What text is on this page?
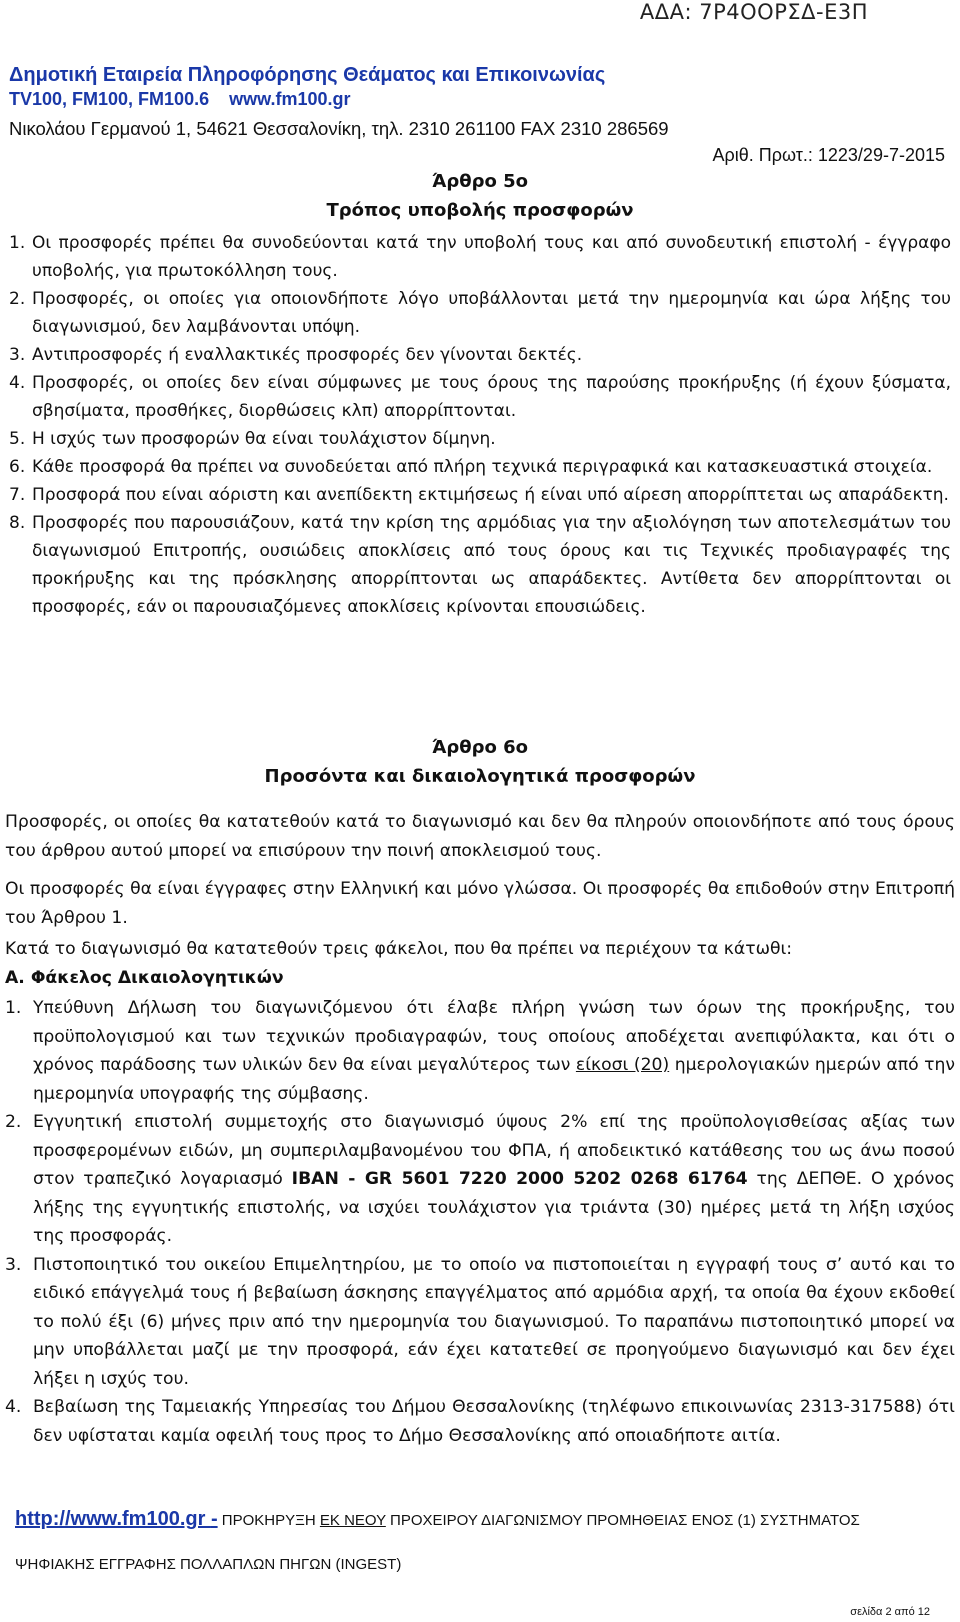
ΑΔΑ: 7Ρ4ΟΟΡΣΔ-Ε3Π
Δημοτική Εταιρεία Πληροφόρησης Θεάματος και Επικοινωνίας
TV100, FM100, FM100.6 www.fm100.gr
Νικολάου Γερμανού 1, 54621 Θεσσαλονίκη, τηλ. 2310 261100 FAX 2310 286569
Αριθ. Πρωτ.: 1223/29-7-2015
Άρθρο 5ο
Τρόπος υποβολής προσφορών
1. Οι προσφορές πρέπει θα συνοδεύονται κατά την υποβολή τους και από συνοδευτική επιστολή - έγγραφο υποβολής, για πρωτοκόλληση τους.
2. Προσφορές, οι οποίες για οποιονδήποτε λόγο υποβάλλονται μετά την ημερομηνία και ώρα λήξης του διαγωνισμού, δεν λαμβάνονται υπόψη.
3. Αντιπροσφορές ή εναλλακτικές προσφορές δεν γίνονται δεκτές.
4. Προσφορές, οι οποίες δεν είναι σύμφωνες με τους όρους της παρούσης προκήρυξης (ή έχουν ξύσματα, σβησίματα, προσθήκες, διορθώσεις κλπ) απορρίπτονται.
5. Η ισχύς των προσφορών θα είναι τουλάχιστον δίμηνη.
6. Κάθε προσφορά θα πρέπει να συνοδεύεται από πλήρη τεχνικά περιγραφικά και κατασκευαστικά στοιχεία.
7. Προσφορά που είναι αόριστη και ανεπίδεκτη εκτιμήσεως ή είναι υπό αίρεση απορρίπτεται ως απαράδεκτη.
8. Προσφορές που παρουσιάζουν, κατά την κρίση της αρμόδιας για την αξιολόγηση των αποτελεσμάτων του διαγωνισμού Επιτροπής, ουσιώδεις αποκλίσεις από τους όρους και τις Τεχνικές προδιαγραφές της προκήρυξης και της πρόσκλησης απορρίπτονται ως απαράδεκτες. Αντίθετα δεν απορρίπτονται οι προσφορές, εάν οι παρουσιαζόμενες αποκλίσεις κρίνονται επουσιώδεις.
Άρθρο 6ο
Προσόντα και δικαιολογητικά προσφορών

Προσφορές, οι οποίες θα κατατεθούν κατά το διαγωνισμό και δεν θα πληρούν οποιονδήποτε από τους όρους του άρθρου αυτού μπορεί να επισύρουν την ποινή αποκλεισμού τους.

Οι προσφορές θα είναι έγγραφες στην Ελληνική και μόνο γλώσσα. Οι προσφορές θα επιδοθούν στην Επιτροπή του Άρθρου 1.

Κατά το διαγωνισμό θα κατατεθούν τρεις φάκελοι, που θα πρέπει να περιέχουν τα κάτωθι:

Α. Φάκελος Δικαιολογητικών
1. Υπεύθυνη Δήλωση του διαγωνιζόμενου ότι έλαβε πλήρη γνώση των όρων της προκήρυξης, του προϋπολογισμού και των τεχνικών προδιαγραφών, τους οποίους αποδέχεται ανεπιφύλακτα, και ότι ο χρόνος παράδοσης των υλικών δεν θα είναι μεγαλύτερος των είκοσι (20) ημερολογιακών ημερών από την ημερομηνία υπογραφής της σύμβασης.
2. Εγγυητική επιστολή συμμετοχής στο διαγωνισμό ύψους 2% επί της προϋπολογισθείσας αξίας των προσφερομένων ειδών, μη συμπεριλαμβανομένου του ΦΠΑ, ή αποδεικτικό κατάθεσης του ως άνω ποσού στον τραπεζικό λογαριασμό IBAN - GR 5601 7220 2000 5202 0268 61764 της ΔΕΠΘΕ. Ο χρόνος λήξης της εγγυητικής επιστολής, να ισχύει τουλάχιστον για τριάντα (30) ημέρες μετά τη λήξη ισχύος της προσφοράς.
3. Πιστοποιητικό του οικείου Επιμελητηρίου, με το οποίο να πιστοποιείται η εγγραφή τους σ’ αυτό και το ειδικό επάγγελμά τους ή βεβαίωση άσκησης επαγγέλματος από αρμόδια αρχή, τα οποία θα έχουν εκδοθεί το πολύ έξι (6) μήνες πριν από την ημερομηνία του διαγωνισμού. Το παραπάνω πιστοποιητικό μπορεί να μην υποβάλλεται μαζί με την προσφορά, εάν έχει κατατεθεί σε προηγούμενο διαγωνισμό και δεν έχει λήξει η ισχύς του.
4. Βεβαίωση της Ταμειακής Υπηρεσίας του Δήμου Θεσσαλονίκης (τηλέφωνο επικοινωνίας 2313-317588) ότι δεν υφίσταται καμία οφειλή τους προς το Δήμο Θεσσαλονίκης από οποιαδήποτε αιτία.
http://www.fm100.gr - ΠΡΟΚΗΡΥΞΗ ΕΚ ΝΕΟΥ ΠΡΟΧΕΙΡΟΥ ΔΙΑΓΩΝΙΣΜΟΥ ΠΡΟΜΗΘΕΙΑΣ ΕΝΟΣ (1) ΣΥΣΤΗΜΑΤΟΣ
ΨΗΦΙΑΚΗΣ ΕΓΓΡΑΦΗΣ ΠΟΛΛΑΠΛΩΝ ΠΗΓΩΝ (INGEST)
σελίδα 2 από 12
